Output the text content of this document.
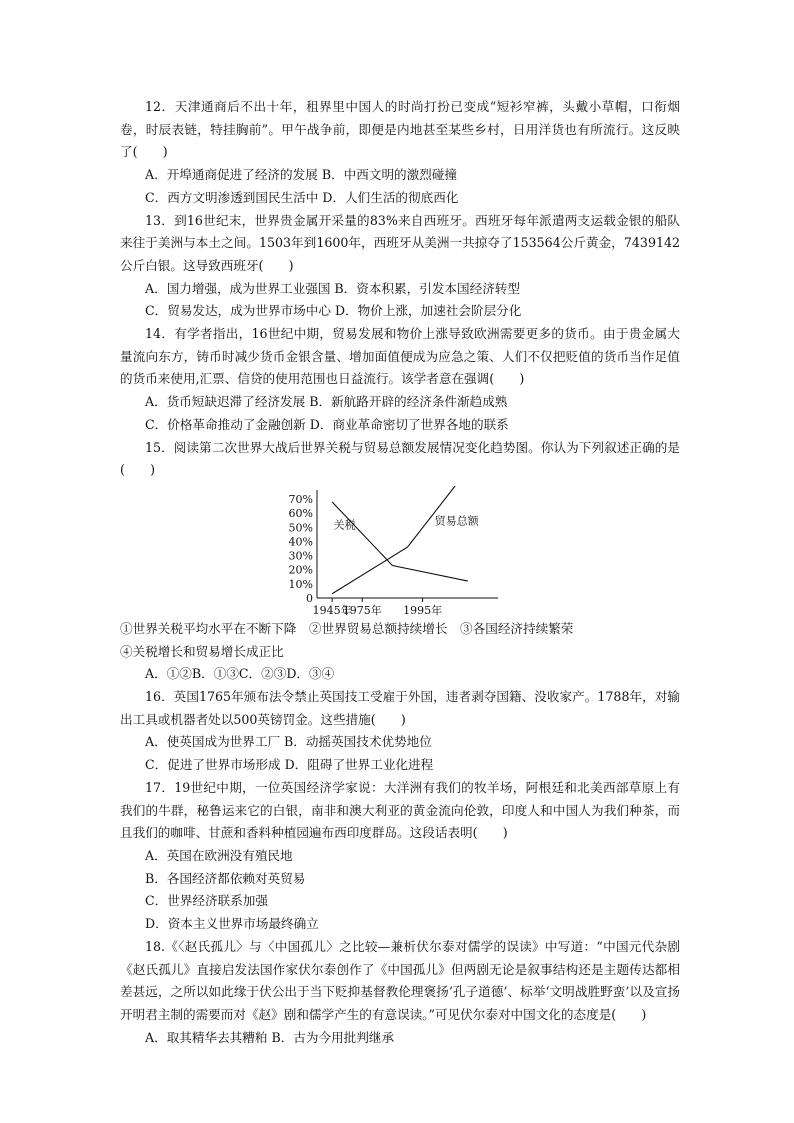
12．天津通商后不出十年，租界里中国人的时尚打扮已变成“短衫窄裤，头戴小草帽，口衔烟卷，时辰表链，特挂胸前”。甲午战争前，即便是内地甚至某些乡村，日用洋货也有所流行。这反映了(　　)

A．开埠通商促进了经济的发展 B．中西文明的激烈碰撞

C．西方文明渗透到国民生活中 D．人们生活的彻底西化

13．到16世纪末，世界贵金属开采量的83%来自西班牙。西班牙每年派遣两支运载金银的船队来往于美洲与本土之间。1503年到1600年，西班牙从美洲一共掠夺了153564公斤黄金，7439142公斤白银。这导致西班牙(　　)

A．国力增强，成为世界工业强国 B．资本积累，引发本国经济转型

C．贸易发达，成为世界市场中心 D．物价上涨，加速社会阶层分化

14．有学者指出，16世纪中期，贸易发展和物价上涨导致欧洲需要更多的货币。由于贵金属大量流向东方，铸币时减少货币金银含量、增加面值便成为应急之策、人们不仅把贬值的货币当作足值的货币来使用,汇票、信贷的使用范围也日益流行。该学者意在强调(　　)

A．货币短缺迟滞了经济发展 B．新航路开辟的经济条件渐趋成熟

C．价格革命推动了金融创新 D．商业革命密切了世界各地的联系

15．阅读第二次世界大战后世界关税与贸易总额发展情况变化趋势图。你认为下列叙述正确的是(　　)

70%
60%
50%
40%
30%
20%
10%
0
1945年
1975年 1995年
关税	贸易总额

①世界关税平均水平在不断下降　②世界贸易总额持续增长　③各国经济持续繁荣

④关税增长和贸易增长成正比

A．①②B．①③C．②③D．③④

16．英国1765年颁布法令禁止英国技工受雇于外国，违者剥夺国籍、没收家产。1788年，对输出工具或机器者处以500英镑罚金。这些措施(　　)

A．使英国成为世界工厂 B．动摇英国技术优势地位

C．促进了世界市场形成 D．阻碍了世界工业化进程

17．19世纪中期，一位英国经济学家说：大洋洲有我们的牧羊场，阿根廷和北美西部草原上有我们的牛群，秘鲁运来它的白银，南非和澳大利亚的黄金流向伦敦，印度人和中国人为我们种茶，而且我们的咖啡、甘蔗和香料种植园遍布西印度群岛。这段话表明(　　)

A．英国在欧洲没有殖民地

B．各国经济都依赖对英贸易

C．世界经济联系加强

D．资本主义世界市场最终确立

18.《〈赵氏孤儿〉与〈中国孤儿〉之比较—兼析伏尔泰对儒学的误读》中写道：“中国元代杂剧《赵氏孤儿》直接启发法国作家伏尔泰创作了《中国孤儿》但两剧无论是叙事结构还是主题传达都相差甚远，之所以如此缘于伏公出于当下贬抑基督教伦理褒扬‘孔子道德’、标举‘文明战胜野蛮’以及宣扬开明君主制的需要而对《赵》剧和儒学产生的有意误读。”可见伏尔泰对中国文化的态度是(　　)

A．取其精华去其糟粕 B．古为今用批判继承
